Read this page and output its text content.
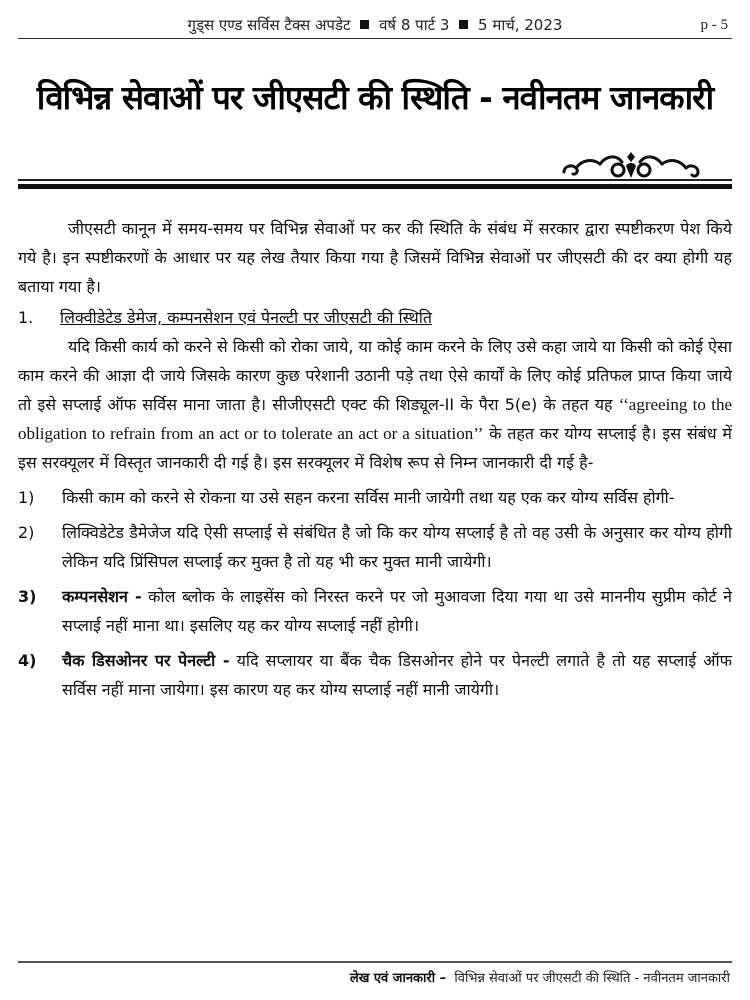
गुड्स एण्ड सर्विस टैक्स अपडेट वर्ष 8 पार्ट 3 5 मार्च, 2023	p - 5
विभिन्न सेवाओं पर जीएसटी की स्थिति - नवीनतम जानकारी

जीएसटी कानून में समय-समय पर विभिन्न सेवाओं पर कर की स्थिति के संबंध में सरकार द्वारा स्पष्टीकरण पेश किये गये है। इन स्पष्टीकरणों के आधार पर यह लेख तैयार किया गया है जिसमें विभिन्न सेवाओं पर जीएसटी की दर क्या होगी यह बताया गया है।

1.	लिक्वीडेटेड डेमेज, कम्पनसेशन एवं पेनल्टी पर जीएसटी की स्थिति

यदि किसी कार्य को करने से किसी को रोका जाये, या कोई काम करने के लिए उसे कहा जाये या किसी को कोई ऐसा काम करने की आज्ञा दी जाये जिसके कारण कुछ परेशानी उठानी पड़े तथा ऐसे कार्यों के लिए कोई प्रतिफल प्राप्त किया जाये तो इसे सप्लाई ऑफ सर्विस माना जाता है। सीजीएसटी एक्ट की शिड्यूल-II के पैरा 5(e) के तहत यह ‘‘agreeing to the obligation to refrain from an act or to tolerate an act or a situation’’ के तहत कर योग्य सप्लाई है। इस संबंध में इस सरक्यूलर में विस्तृत जानकारी दी गई है। इस सरक्यूलर में विशेष रूप से निम्न जानकारी दी गई है-

1)	किसी काम को करने से रोकना या उसे सहन करना सर्विस मानी जायेगी तथा यह एक कर योग्य सर्विस होगी-
2)	लिक्विडेटेड डैमेजेज यदि ऐसी सप्लाई से संबंधित है जो कि कर योग्य सप्लाई है तो वह उसी के अनुसार कर योग्य होगी लेकिन यदि प्रिंसिपल सप्लाई कर मुक्त है तो यह भी कर मुक्त मानी जायेगी।
3)	कम्पनसेशन - कोल ब्लोक के लाइसेंस को निरस्त करने पर जो मुआवजा दिया गया था उसे माननीय सुप्रीम कोर्ट ने सप्लाई नहीं माना था। इसलिए यह कर योग्य सप्लाई नहीं होगी।
4)	चैक डिसओनर पर पेनल्टी - यदि सप्लायर या बैंक चैक डिसओनर होने पर पेनल्टी लगाते है तो यह सप्लाई ऑफ सर्विस नहीं माना जायेगा। इस कारण यह कर योग्य सप्लाई नहीं मानी जायेगी।
लेख एवं जानकारी – विभिन्न सेवाओं पर जीएसटी की स्थिति - नवीनतम जानकारी
